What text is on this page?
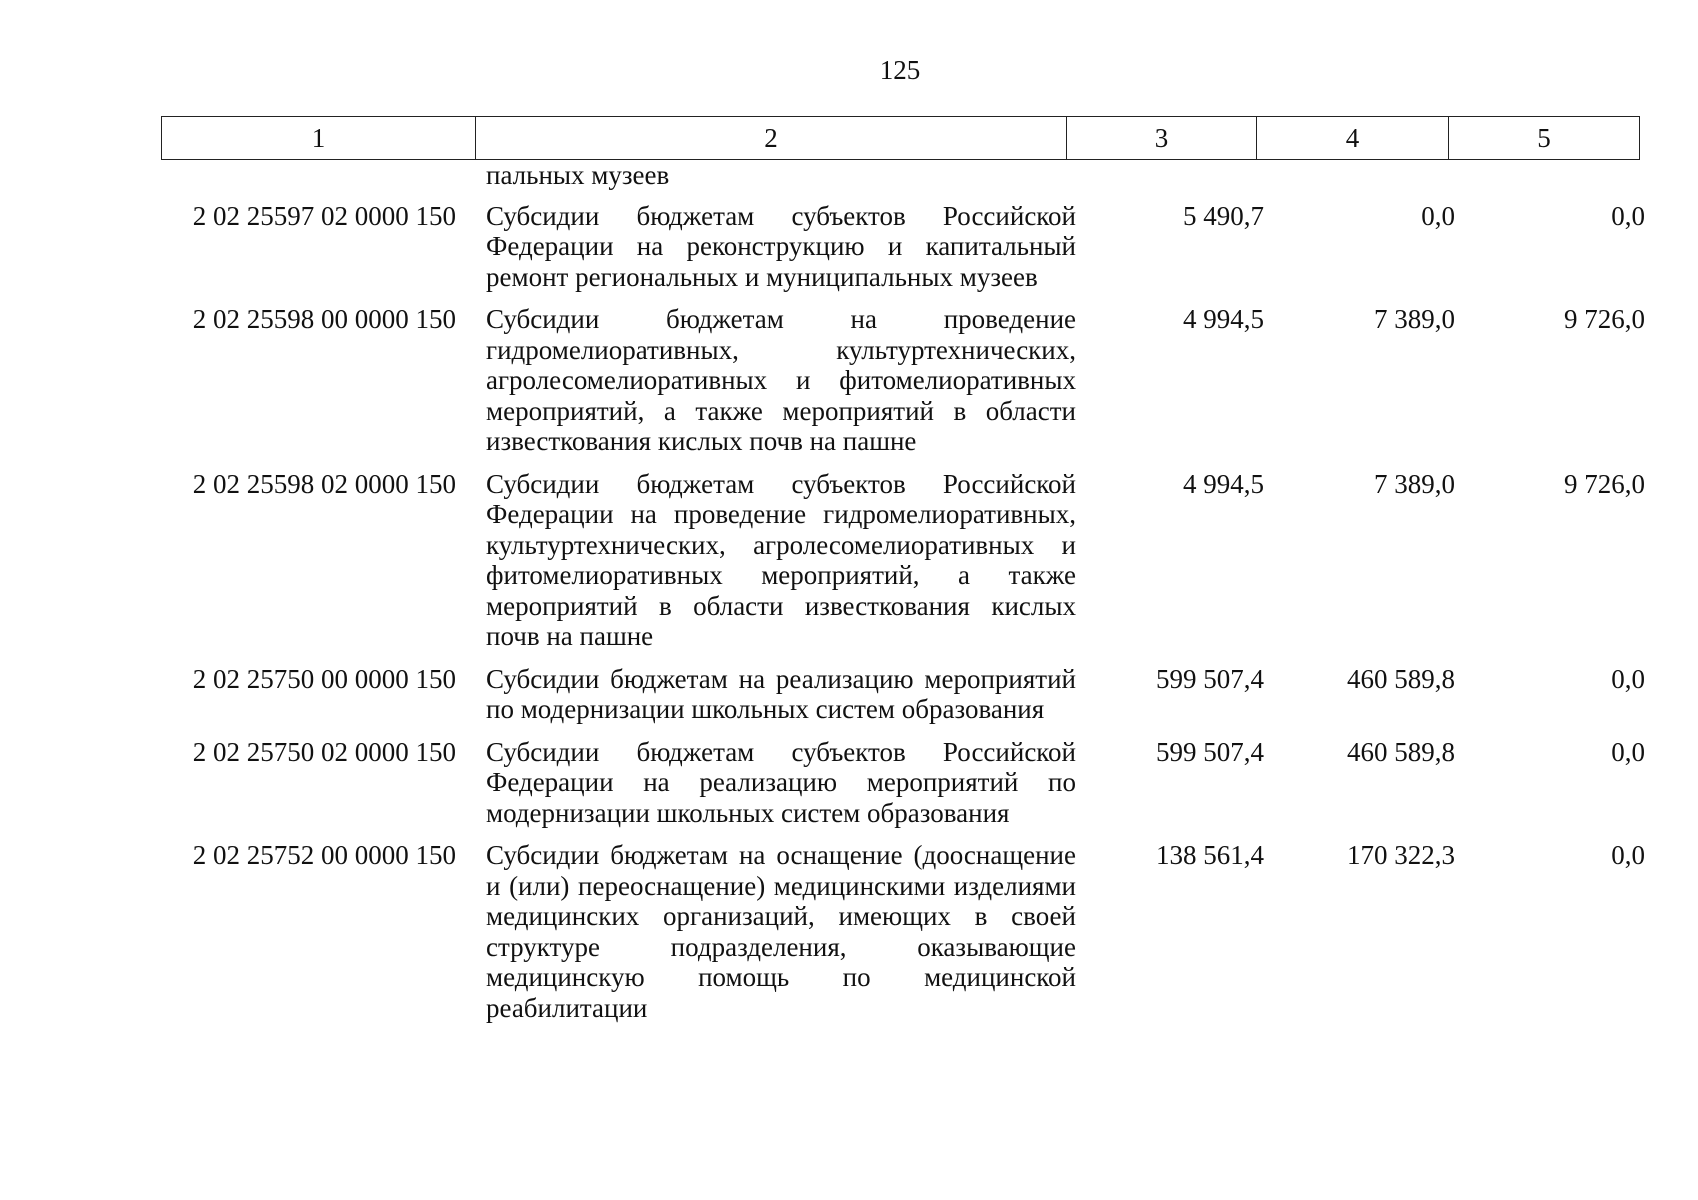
125
1	2	3	4	5
	пальных музеев			
2 02 25597 02 0000 150	Субсидии бюджетам субъектов Российской Федерации на реконструкцию и капитальный ремонт региональных и муниципальных музеев	5 490,7	0,0	0,0
2 02 25598 00 0000 150	Субсидии бюджетам на проведение гидромелиоративных, культуртехнических, агролесомелиоративных и фитомелиоративных мероприятий, а также мероприятий в области известкования кислых почв на пашне	4 994,5	7 389,0	9 726,0
2 02 25598 02 0000 150	Субсидии бюджетам субъектов Российской Федерации на проведение гидромелиоративных, культуртехнических, агролесомелиоративных и фитомелиоративных мероприятий, а также мероприятий в области известкования кислых почв на пашне	4 994,5	7 389,0	9 726,0
2 02 25750 00 0000 150	Субсидии бюджетам на реализацию мероприятий по модернизации школьных систем образования	599 507,4	460 589,8	0,0
2 02 25750 02 0000 150	Субсидии бюджетам субъектов Российской Федерации на реализацию мероприятий по модернизации школьных систем образования	599 507,4	460 589,8	0,0
2 02 25752 00 0000 150	Субсидии бюджетам на оснащение (дооснащение и (или) переоснащение) медицинскими изделиями медицинских организаций, имеющих в своей структуре подразделения, оказывающие медицинскую помощь по медицинской реабилитации	138 561,4	170 322,3	0,0
